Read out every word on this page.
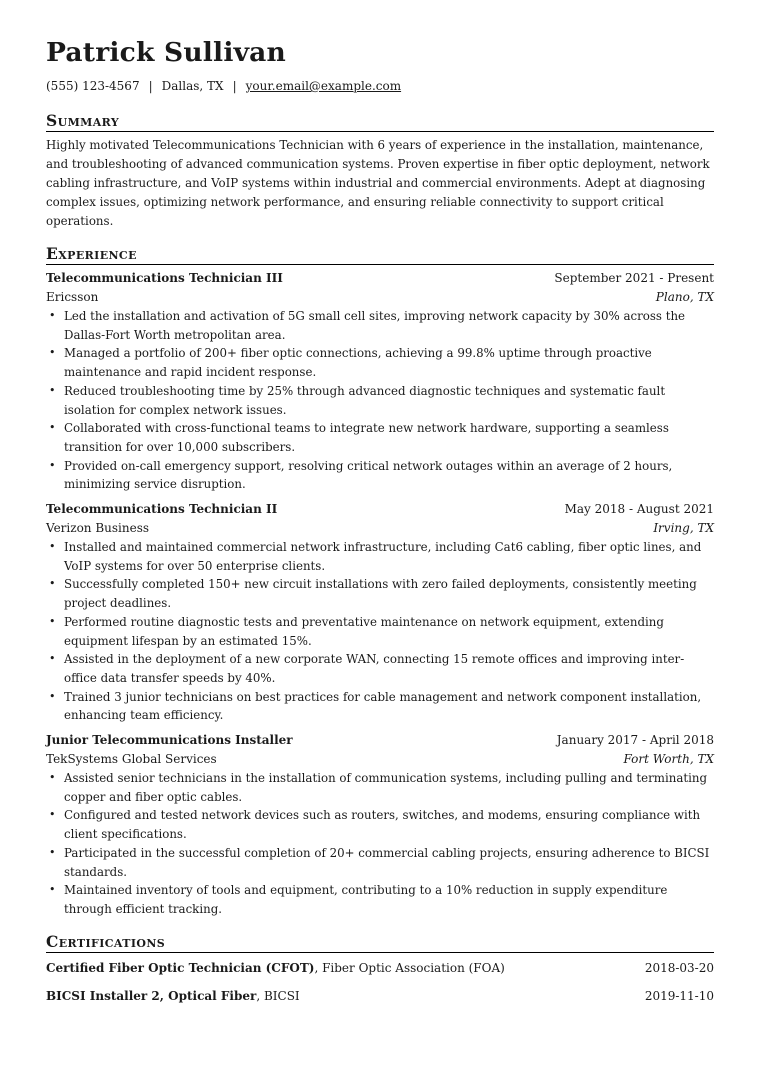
Patrick Sullivan
(555) 123-4567 | Dallas, TX | your.email@example.com
Summary
Highly motivated Telecommunications Technician with 6 years of experience in the installation, maintenance, and troubleshooting of advanced communication systems. Proven expertise in fiber optic deployment, network cabling infrastructure, and VoIP systems within industrial and commercial environments. Adept at diagnosing complex issues, optimizing network performance, and ensuring reliable connectivity to support critical operations.
Experience
Telecommunications Technician III	September 2021 - Present
Ericsson	Plano, TX
• Led the installation and activation of 5G small cell sites, improving network capacity by 30% across the Dallas-Fort Worth metropolitan area.
• Managed a portfolio of 200+ fiber optic connections, achieving a 99.8% uptime through proactive maintenance and rapid incident response.
• Reduced troubleshooting time by 25% through advanced diagnostic techniques and systematic fault isolation for complex network issues.
• Collaborated with cross-functional teams to integrate new network hardware, supporting a seamless transition for over 10,000 subscribers.
• Provided on-call emergency support, resolving critical network outages within an average of 2 hours, minimizing service disruption.
Telecommunications Technician II	May 2018 - August 2021
Verizon Business	Irving, TX
• Installed and maintained commercial network infrastructure, including Cat6 cabling, fiber optic lines, and VoIP systems for over 50 enterprise clients.
• Successfully completed 150+ new circuit installations with zero failed deployments, consistently meeting project deadlines.
• Performed routine diagnostic tests and preventative maintenance on network equipment, extending equipment lifespan by an estimated 15%.
• Assisted in the deployment of a new corporate WAN, connecting 15 remote offices and improving inter-office data transfer speeds by 40%.
• Trained 3 junior technicians on best practices for cable management and network component installation, enhancing team efficiency.
Junior Telecommunications Installer	January 2017 - April 2018
TekSystems Global Services	Fort Worth, TX
• Assisted senior technicians in the installation of communication systems, including pulling and terminating copper and fiber optic cables.
• Configured and tested network devices such as routers, switches, and modems, ensuring compliance with client specifications.
• Participated in the successful completion of 20+ commercial cabling projects, ensuring adherence to BICSI standards.
• Maintained inventory of tools and equipment, contributing to a 10% reduction in supply expenditure through efficient tracking.
Certifications
Certified Fiber Optic Technician (CFOT), Fiber Optic Association (FOA)	2018-03-20
BICSI Installer 2, Optical Fiber, BICSI	2019-11-10
